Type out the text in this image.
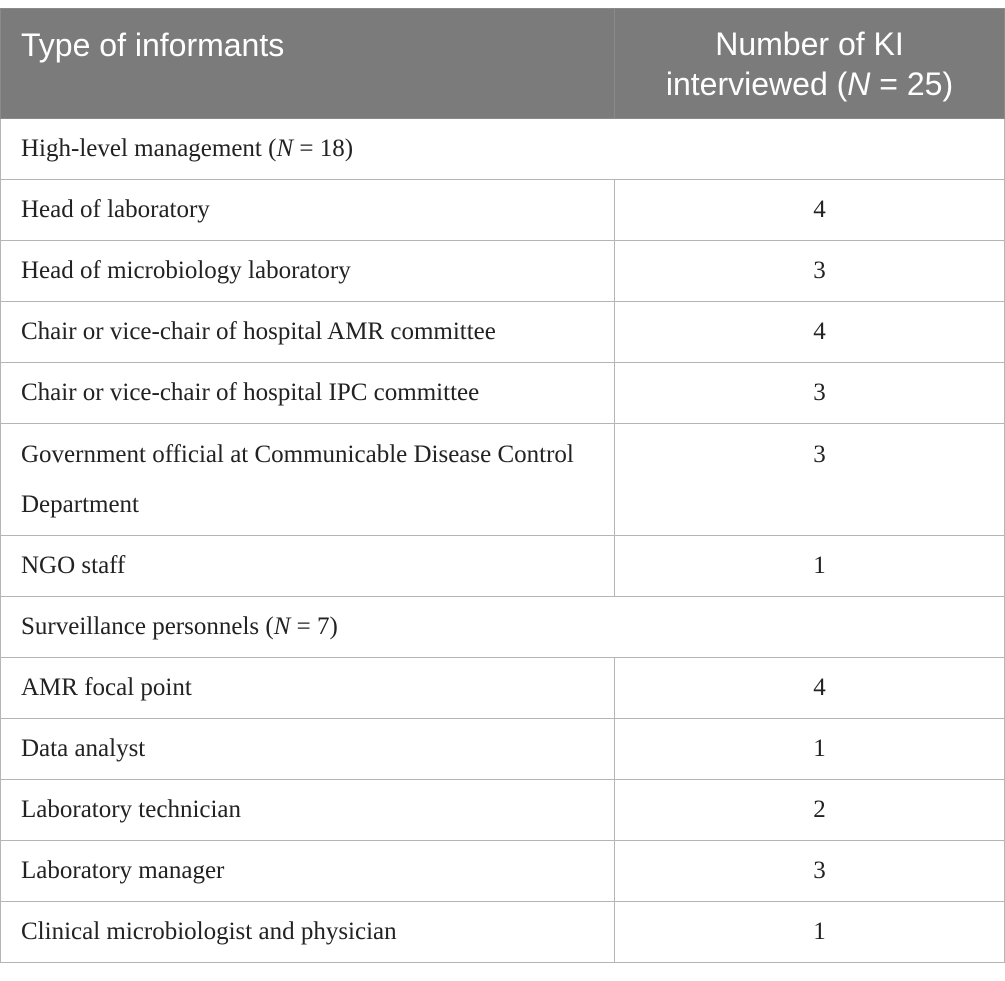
Type of informants	Number of KI
interviewed (N = 25)

High-level management (N = 18)	
Head of laboratory	4
Head of microbiology laboratory	3
Chair or vice-chair of hospital AMR committee	4
Chair or vice-chair of hospital IPC committee	3
Government official at Communicable Disease Control Department	3
NGO staff	1
Surveillance personnels (N = 7)	
AMR focal point	4
Data analyst	1
Laboratory technician	2
Laboratory manager	3
Clinical microbiologist and physician	1
